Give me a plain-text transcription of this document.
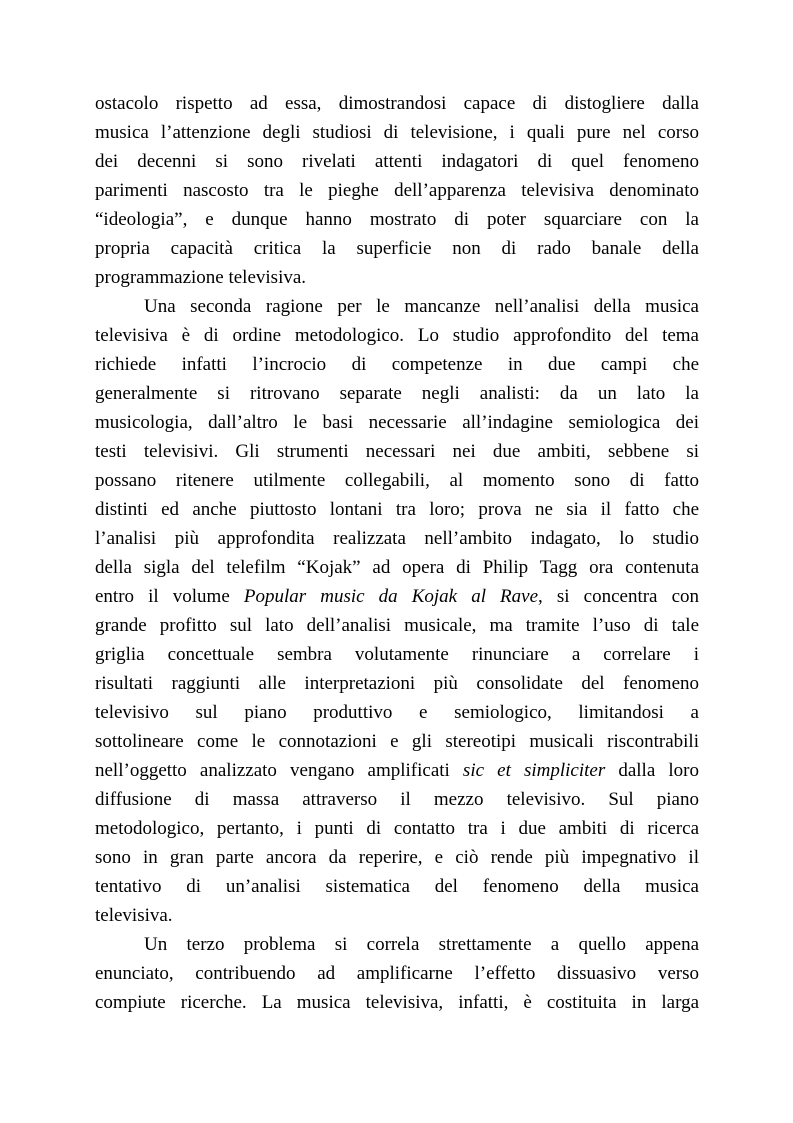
ostacolo rispetto ad essa, dimostrandosi capace di distogliere dalla
musica l’attenzione degli studiosi di televisione, i quali pure nel corso
dei decenni si sono rivelati attenti indagatori di quel fenomeno
parimenti nascosto tra le pieghe dell’apparenza televisiva denominato
“ideologia”, e dunque hanno mostrato di poter squarciare con la
propria capacità critica la superficie non di rado banale della
programmazione televisiva.
Una seconda ragione per le mancanze nell’analisi della musica
televisiva è di ordine metodologico. Lo studio approfondito del tema
richiede infatti l’incrocio di competenze in due campi che
generalmente si ritrovano separate negli analisti: da un lato la
musicologia, dall’altro le basi necessarie all’indagine semiologica dei
testi televisivi. Gli strumenti necessari nei due ambiti, sebbene si
possano ritenere utilmente collegabili, al momento sono di fatto
distinti ed anche piuttosto lontani tra loro; prova ne sia il fatto che
l’analisi più approfondita realizzata nell’ambito indagato, lo studio
della sigla del telefilm “Kojak” ad opera di Philip Tagg ora contenuta
entro il volume Popular music da Kojak al Rave, si concentra con
grande profitto sul lato dell’analisi musicale, ma tramite l’uso di tale
griglia concettuale sembra volutamente rinunciare a correlare i
risultati raggiunti alle interpretazioni più consolidate del fenomeno
televisivo sul piano produttivo e semiologico, limitandosi a
sottolineare come le connotazioni e gli stereotipi musicali riscontrabili
nell’oggetto analizzato vengano amplificati sic et simpliciter dalla loro
diffusione di massa attraverso il mezzo televisivo. Sul piano
metodologico, pertanto, i punti di contatto tra i due ambiti di ricerca
sono in gran parte ancora da reperire, e ciò rende più impegnativo il
tentativo di un’analisi sistematica del fenomeno della musica
televisiva.
Un terzo problema si correla strettamente a quello appena
enunciato, contribuendo ad amplificarne l’effetto dissuasivo verso
compiute ricerche. La musica televisiva, infatti, è costituita in larga
